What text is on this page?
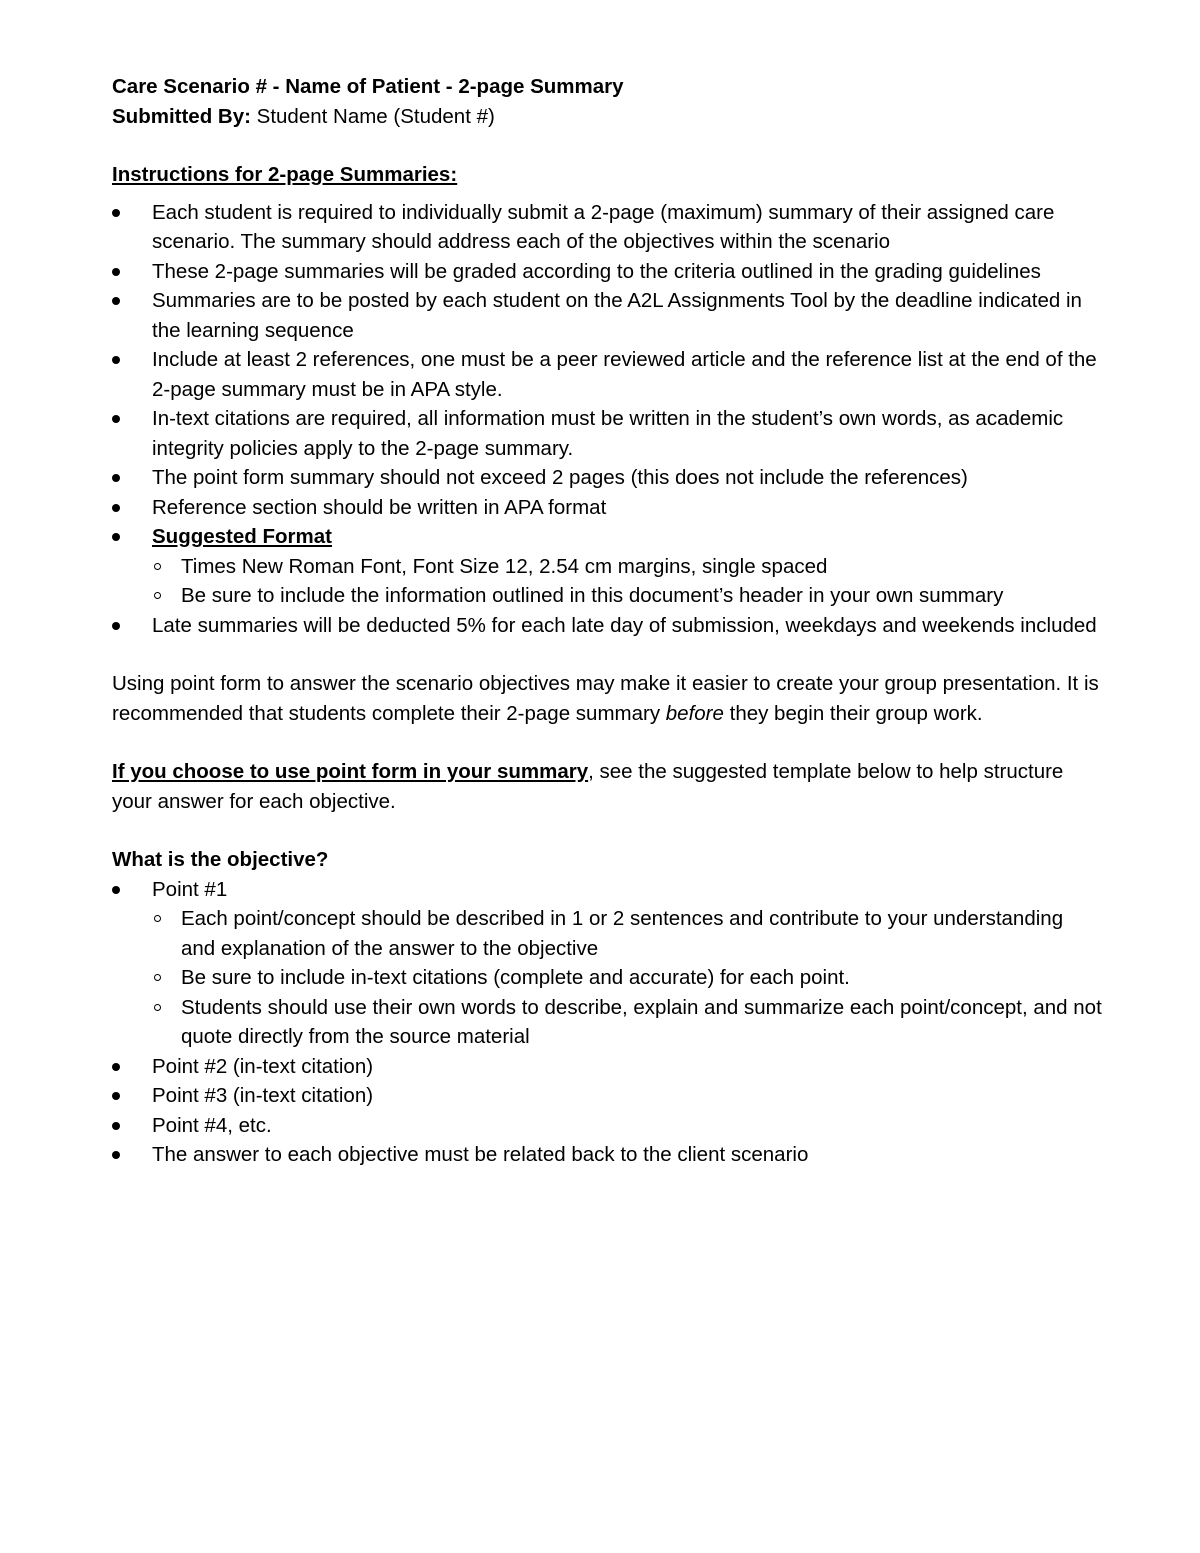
Care Scenario # - Name of Patient - 2-page Summary
Submitted By: Student Name (Student #)
Instructions for 2-page Summaries:
Each student is required to individually submit a 2-page (maximum) summary of their assigned care scenario. The summary should address each of the objectives within the scenario
These 2-page summaries will be graded according to the criteria outlined in the grading guidelines
Summaries are to be posted by each student on the A2L Assignments Tool by the deadline indicated in the learning sequence
Include at least 2 references, one must be a peer reviewed article and the reference list at the end of the 2-page summary must be in APA style.
In-text citations are required, all information must be written in the student’s own words, as academic integrity policies apply to the 2-page summary.
The point form summary should not exceed 2 pages (this does not include the references)
Reference section should be written in APA format
Suggested Format
Times New Roman Font, Font Size 12, 2.54 cm margins, single spaced
Be sure to include the information outlined in this document’s header in your own summary
Late summaries will be deducted 5% for each late day of submission, weekdays and weekends included
Using point form to answer the scenario objectives may make it easier to create your group presentation. It is recommended that students complete their 2-page summary before they begin their group work.
If you choose to use point form in your summary, see the suggested template below to help structure your answer for each objective.
What is the objective?
Point #1
Each point/concept should be described in 1 or 2 sentences and contribute to your understanding and explanation of the answer to the objective
Be sure to include in-text citations (complete and accurate) for each point.
Students should use their own words to describe, explain and summarize each point/concept, and not quote directly from the source material
Point #2 (in-text citation)
Point #3 (in-text citation)
Point #4, etc.
The answer to each objective must be related back to the client scenario
